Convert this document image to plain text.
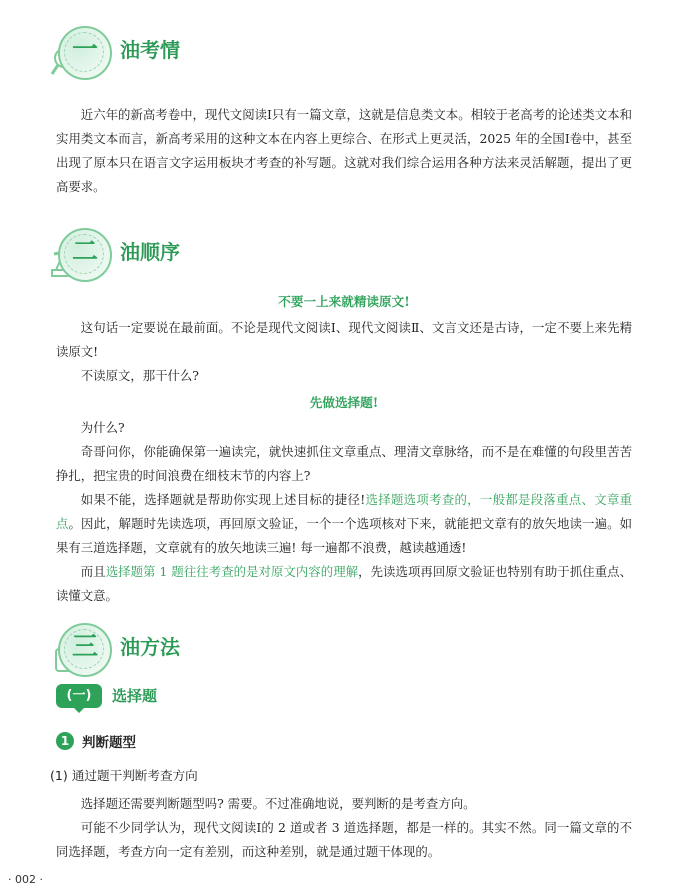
一	油考情

近六年的新高考卷中，现代文阅读Ⅰ只有一篇文章，这就是信息类文本。相较于老高考的论述类文本和实用类文本而言，新高考采用的这种文本在内容上更综合、在形式上更灵活，2025 年的全国Ⅰ卷中，甚至出现了原本只在语言文字运用板块才考查的补写题。这就对我们综合运用各种方法来灵活解题，提出了更高要求。

二	油顺序
不要一上来就精读原文!

这句话一定要说在最前面。不论是现代文阅读Ⅰ、现代文阅读Ⅱ、文言文还是古诗，一定不要上来先精读原文!

不读原文，那干什么?

先做选择题!

为什么?

奇哥问你，你能确保第一遍读完，就快速抓住文章重点、理清文章脉络，而不是在难懂的句段里苦苦挣扎，把宝贵的时间浪费在细枝末节的内容上?

如果不能，选择题就是帮助你实现上述目标的捷径!选择题选项考查的，一般都是段落重点、文章重点。因此，解题时先读选项，再回原文验证，一个一个选项核对下来，就能把文章有的放矢地读一遍。如果有三道选择题，文章就有的放矢地读三遍! 每一遍都不浪费，越读越通透!

而且选择题第 1 题往往考查的是对原文内容的理解，先读选项再回原文验证也特别有助于抓住重点、读懂文意。

三	油方法
(一)	选择题
1 判断题型
(1) 通过题干判断考查方向

选择题还需要判断题型吗? 需要。不过准确地说，要判断的是考查方向。

可能不少同学认为，现代文阅读Ⅰ的 2 道或者 3 道选择题，都是一样的。其实不然。同一篇文章的不同选择题，考查方向一定有差别，而这种差别，就是通过题干体现的。

· 002 ·
